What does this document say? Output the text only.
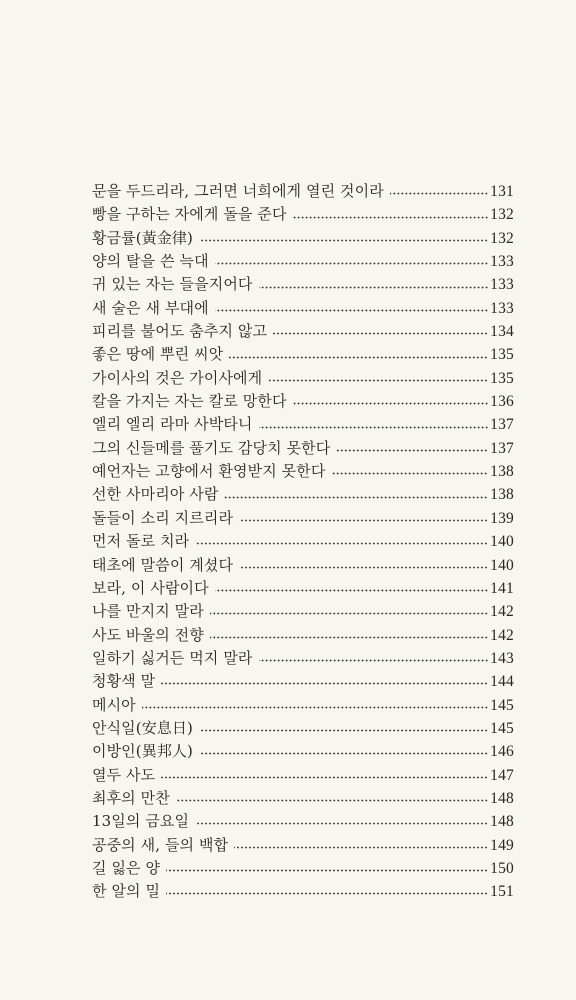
문을 두드리라, 그러면 너희에게 열린 것이라	131
빵을 구하는 자에게 돌을 준다	132
황금률(黃金律)	132
양의 탈을 쓴 늑대	133
귀 있는 자는 들을지어다	133
새 술은 새 부대에	133
피리를 불어도 춤추지 않고	134
좋은 땅에 뿌린 씨앗	135
가이사의 것은 가이사에게	135
칼을 가지는 자는 칼로 망한다	136
엘리 엘리 라마 사박타니	137
그의 신들메를 풀기도 감당치 못한다	137
예언자는 고향에서 환영받지 못한다	138
선한 사마리아 사람	138
돌들이 소리 지르리라	139
먼저 돌로 치라	140
태초에 말씀이 계셨다	140
보라, 이 사람이다	141
나를 만지지 말라	142
사도 바울의 전향	142
일하기 싫거든 먹지 말라	143
청황색 말	144
메시아	145
안식일(安息日)	145
이방인(異邦人)	146
열두 사도	147
최후의 만찬	148
13일의 금요일	148
공중의 새, 들의 백합	149
길 잃은 양	150
한 알의 밀	151
